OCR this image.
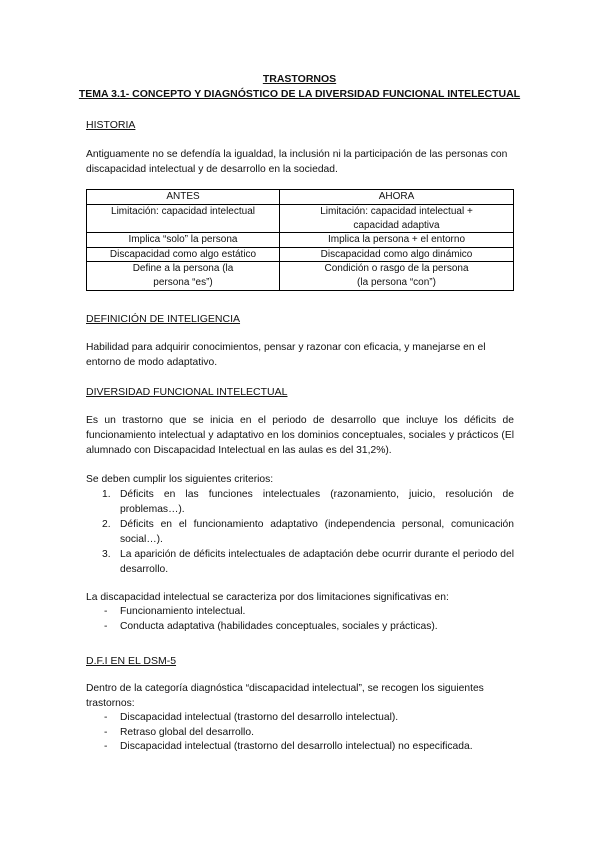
TRASTORNOS
TEMA 3.1- CONCEPTO Y DIAGNÓSTICO DE LA DIVERSIDAD FUNCIONAL INTELECTUAL
HISTORIA
Antiguamente no se defendía la igualdad, la inclusión ni la participación de las personas con discapacidad intelectual y de desarrollo en la sociedad.
ANTES	AHORA
Limitación: capacidad intelectual	Limitación: capacidad intelectual + capacidad adaptiva
Implica “solo” la persona	Implica la persona + el entorno
Discapacidad como algo estático	Discapacidad como algo dinámico
Define a la persona (la persona “es”)	Condición o rasgo de la persona (la persona “con”)
DEFINICIÓN DE INTELIGENCIA
Habilidad para adquirir conocimientos, pensar y razonar con eficacia, y manejarse en el entorno de modo adaptativo.
DIVERSIDAD FUNCIONAL INTELECTUAL
Es un trastorno que se inicia en el periodo de desarrollo que incluye los déficits de funcionamiento intelectual y adaptativo en los dominios conceptuales, sociales y prácticos (El alumnado con Discapacidad Intelectual en las aulas es del 31,2%).
Se deben cumplir los siguientes criterios:
1. Déficits en las funciones intelectuales (razonamiento, juicio, resolución de problemas…).
2. Déficits en el funcionamiento adaptativo (independencia personal, comunicación social…).
3. La aparición de déficits intelectuales de adaptación debe ocurrir durante el periodo del desarrollo.
La discapacidad intelectual se caracteriza por dos limitaciones significativas en:
- Funcionamiento intelectual.
- Conducta adaptativa (habilidades conceptuales, sociales y prácticas).
D.F.I EN EL DSM-5
Dentro de la categoría diagnóstica “discapacidad intelectual”, se recogen los siguientes trastornos:
- Discapacidad intelectual (trastorno del desarrollo intelectual).
- Retraso global del desarrollo.
- Discapacidad intelectual (trastorno del desarrollo intelectual) no especificada.
